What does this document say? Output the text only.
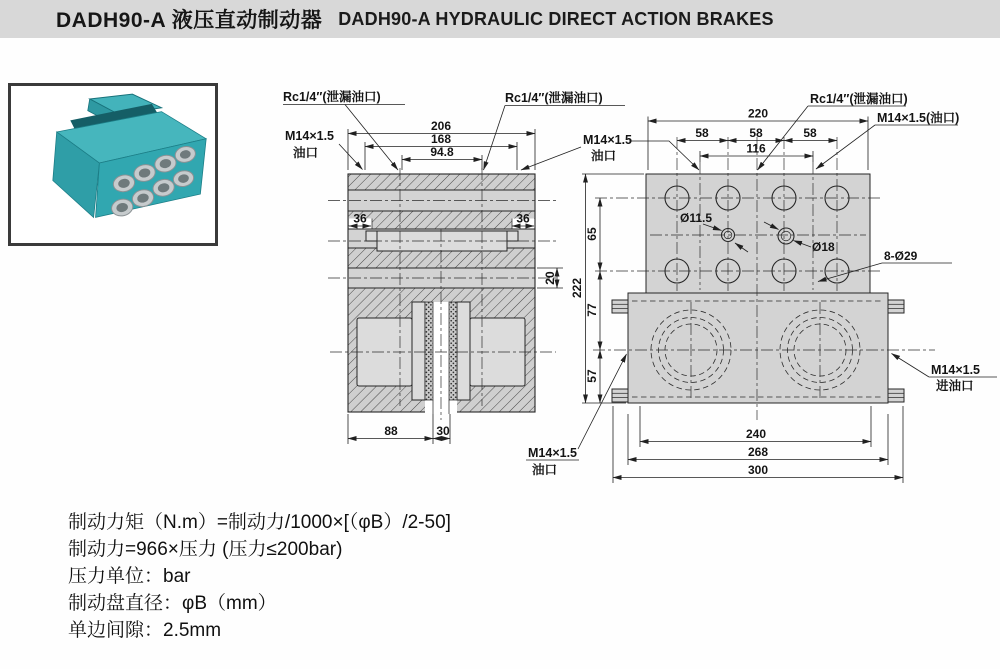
DADH90-A 液压直动制动器 DADH90-A HYDRAULIC DIRECT ACTION BRAKES
206
168
94.8
36	36
20
88	30
Rc1/4″(泄漏油口)	Rc1/4″(泄漏油口)
M14×1.5
油口
M14×1.5
油口
220
58	58	58
116
222
65
77
57
240
268
300
Rc1/4″(泄漏油口)
M14×1.5(油口)
Ø11.5
Ø18
8-Ø29
M14×1.5
进油口
M14×1.5
油口
制动力矩（N.m）=制动力/1000×[（φB）/2-50]
制动力=966×压力 (压力≤200bar)
压力单位：bar
制动盘直径：φB（mm）
单边间隙：2.5mm
